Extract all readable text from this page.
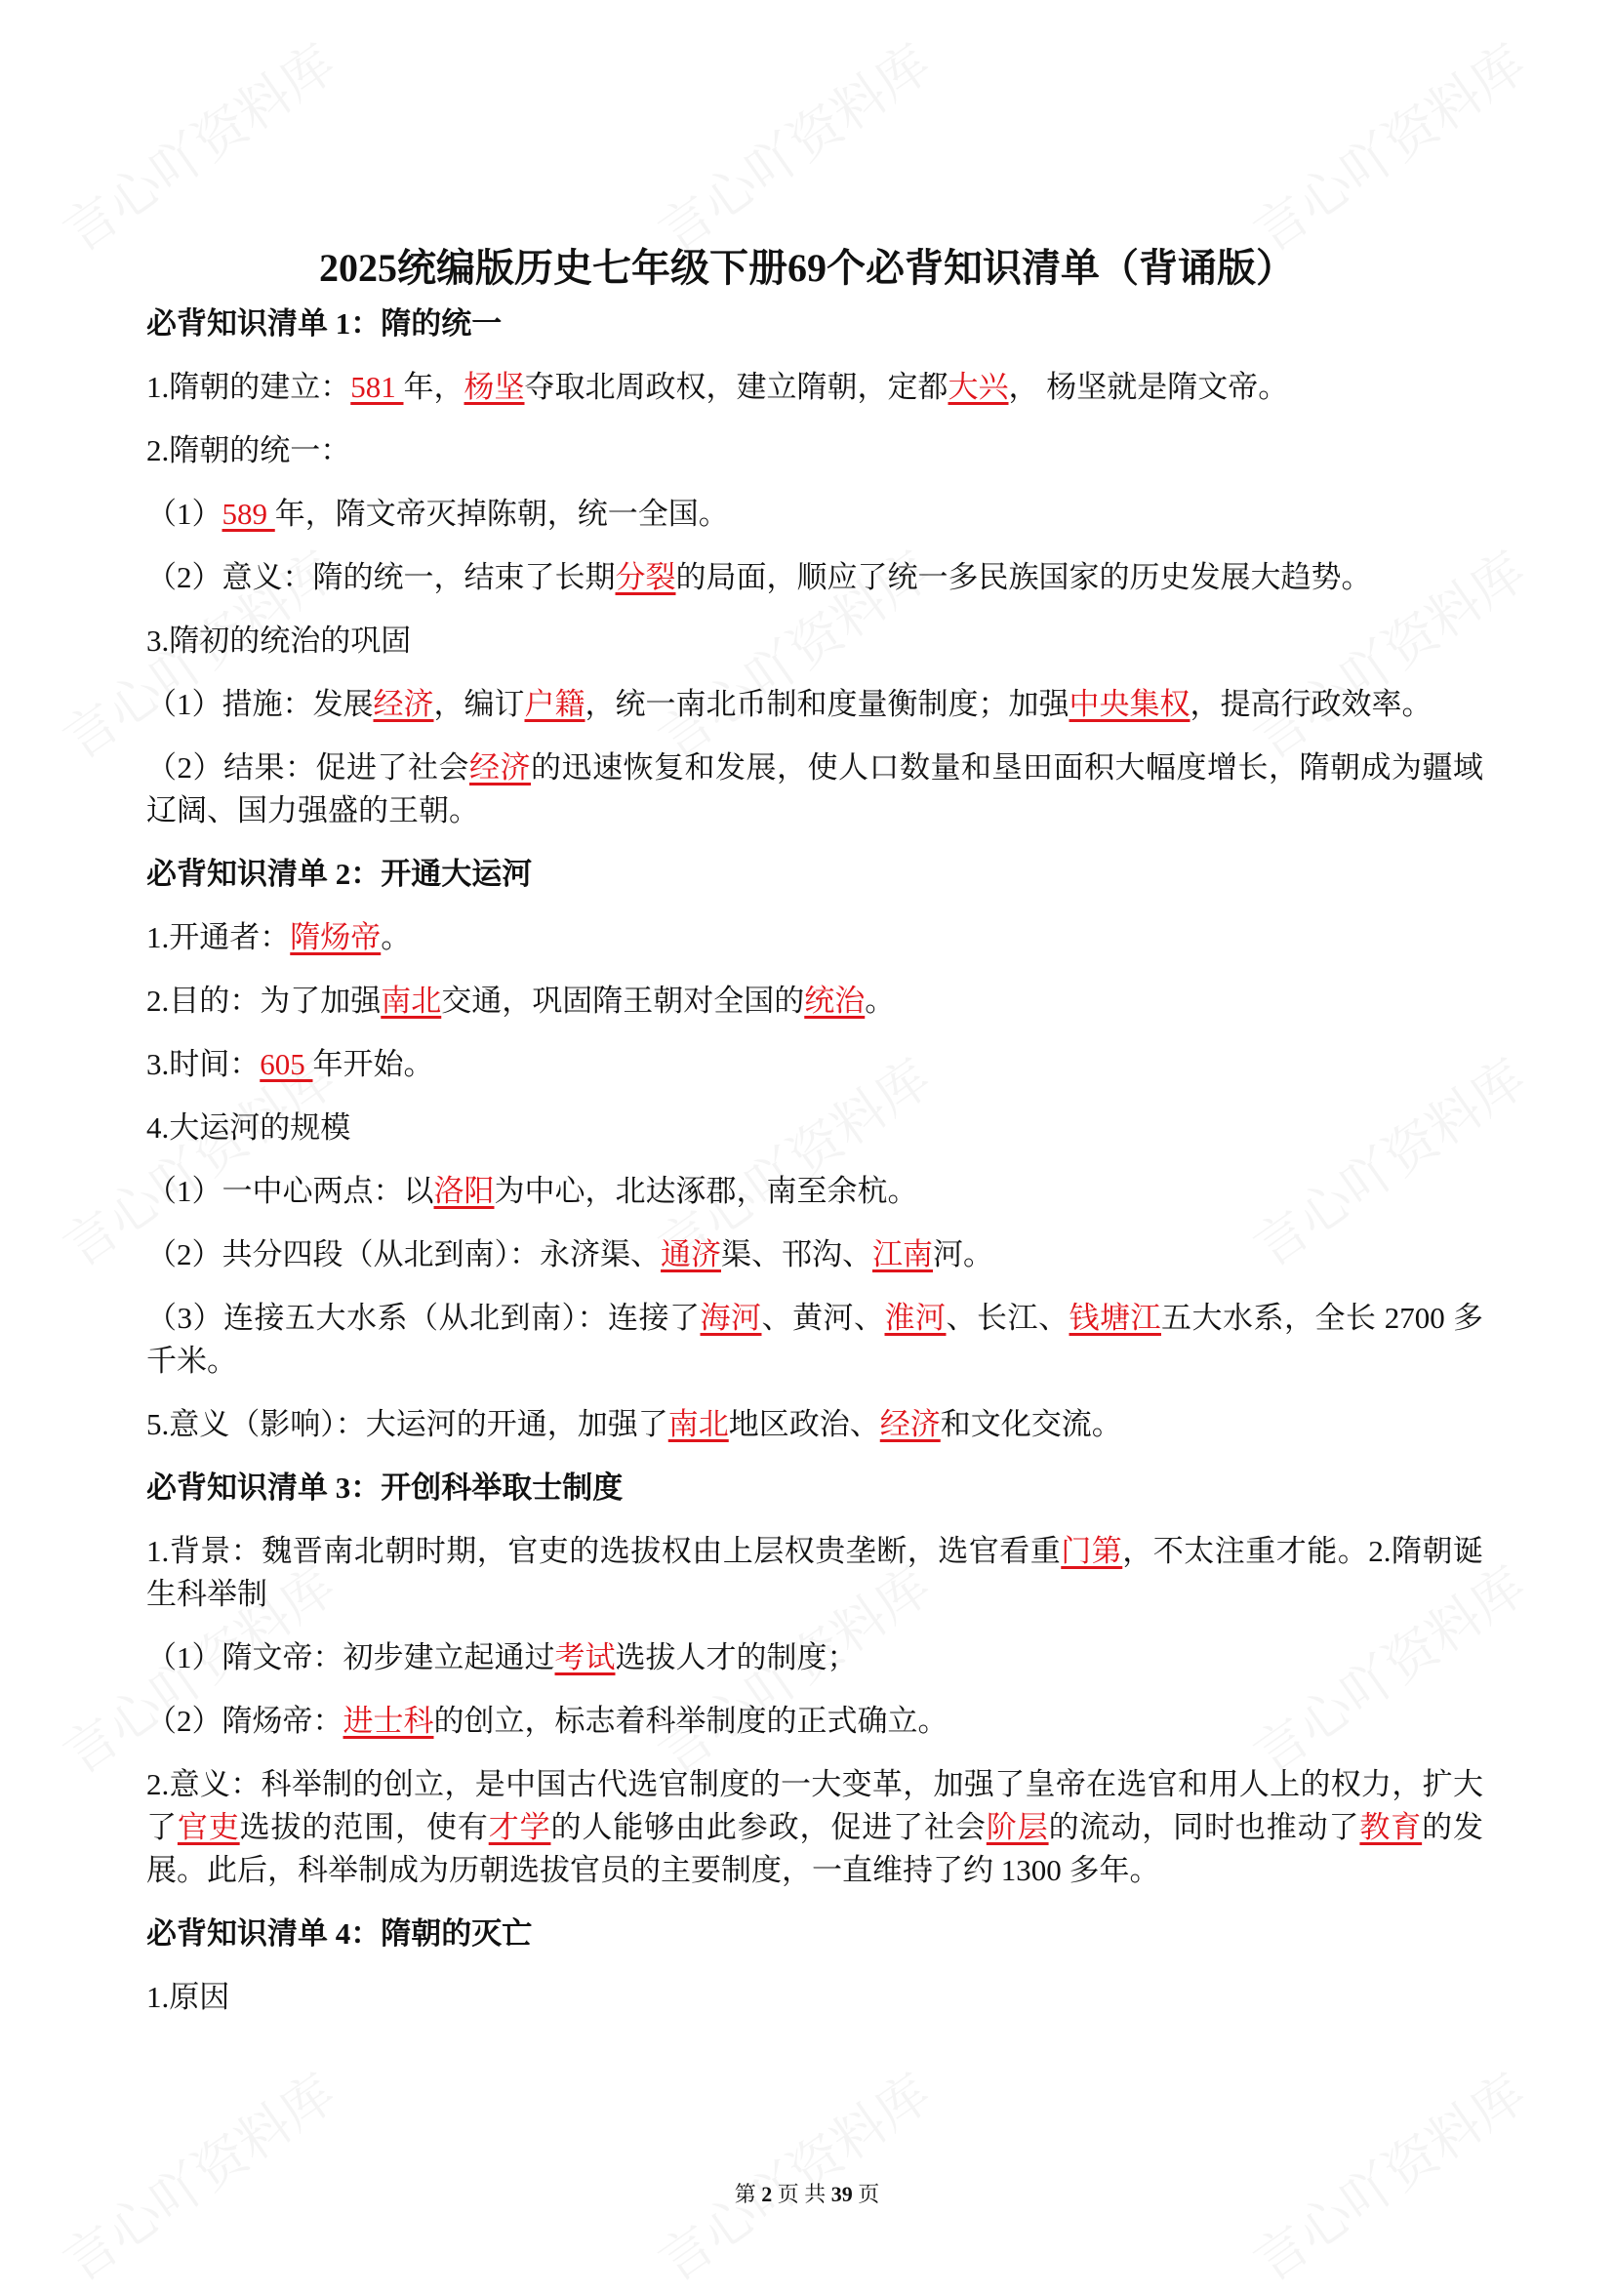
2025统编版历史七年级下册69个必背知识清单（背诵版）
必背知识清单 1：隋的统一
1.隋朝的建立：581 年，杨坚夺取北周政权，建立隋朝，定都大兴， 杨坚就是隋文帝。
2.隋朝的统一：
（1）589 年，隋文帝灭掉陈朝，统一全国。
（2）意义：隋的统一，结束了长期分裂的局面，顺应了统一多民族国家的历史发展大趋势。
3.隋初的统治的巩固
（1）措施：发展经济，编订户籍，统一南北币制和度量衡制度；加强中央集权，提高行政效率。
（2）结果：促进了社会经济的迅速恢复和发展，使人口数量和垦田面积大幅度增长，隋朝成为疆域辽阔、国力强盛的王朝。
必背知识清单 2：开通大运河
1.开通者：隋炀帝。
2.目的：为了加强南北交通，巩固隋王朝对全国的统治。
3.时间：605 年开始。
4.大运河的规模
（1）一中心两点：以洛阳为中心，北达涿郡，南至余杭。
（2）共分四段（从北到南）：永济渠、通济渠、邗沟、江南河。
（3）连接五大水系（从北到南）：连接了海河、黄河、淮河、长江、钱塘江五大水系，全长 2700 多千米。
5.意义（影响）：大运河的开通，加强了南北地区政治、经济和文化交流。
必背知识清单 3：开创科举取士制度
1.背景：魏晋南北朝时期，官吏的选拔权由上层权贵垄断，选官看重门第，不太注重才能。2.隋朝诞生科举制
（1）隋文帝：初步建立起通过考试选拔人才的制度；
（2）隋炀帝：进士科的创立，标志着科举制度的正式确立。
2.意义：科举制的创立，是中国古代选官制度的一大变革，加强了皇帝在选官和用人上的权力，扩大了官吏选拔的范围，使有才学的人能够由此参政，促进了社会阶层的流动，同时也推动了教育的发展。此后，科举制成为历朝选拔官员的主要制度，一直维持了约 1300 多年。
必背知识清单 4：隋朝的灭亡
1.原因
第 2 页 共 39 页
